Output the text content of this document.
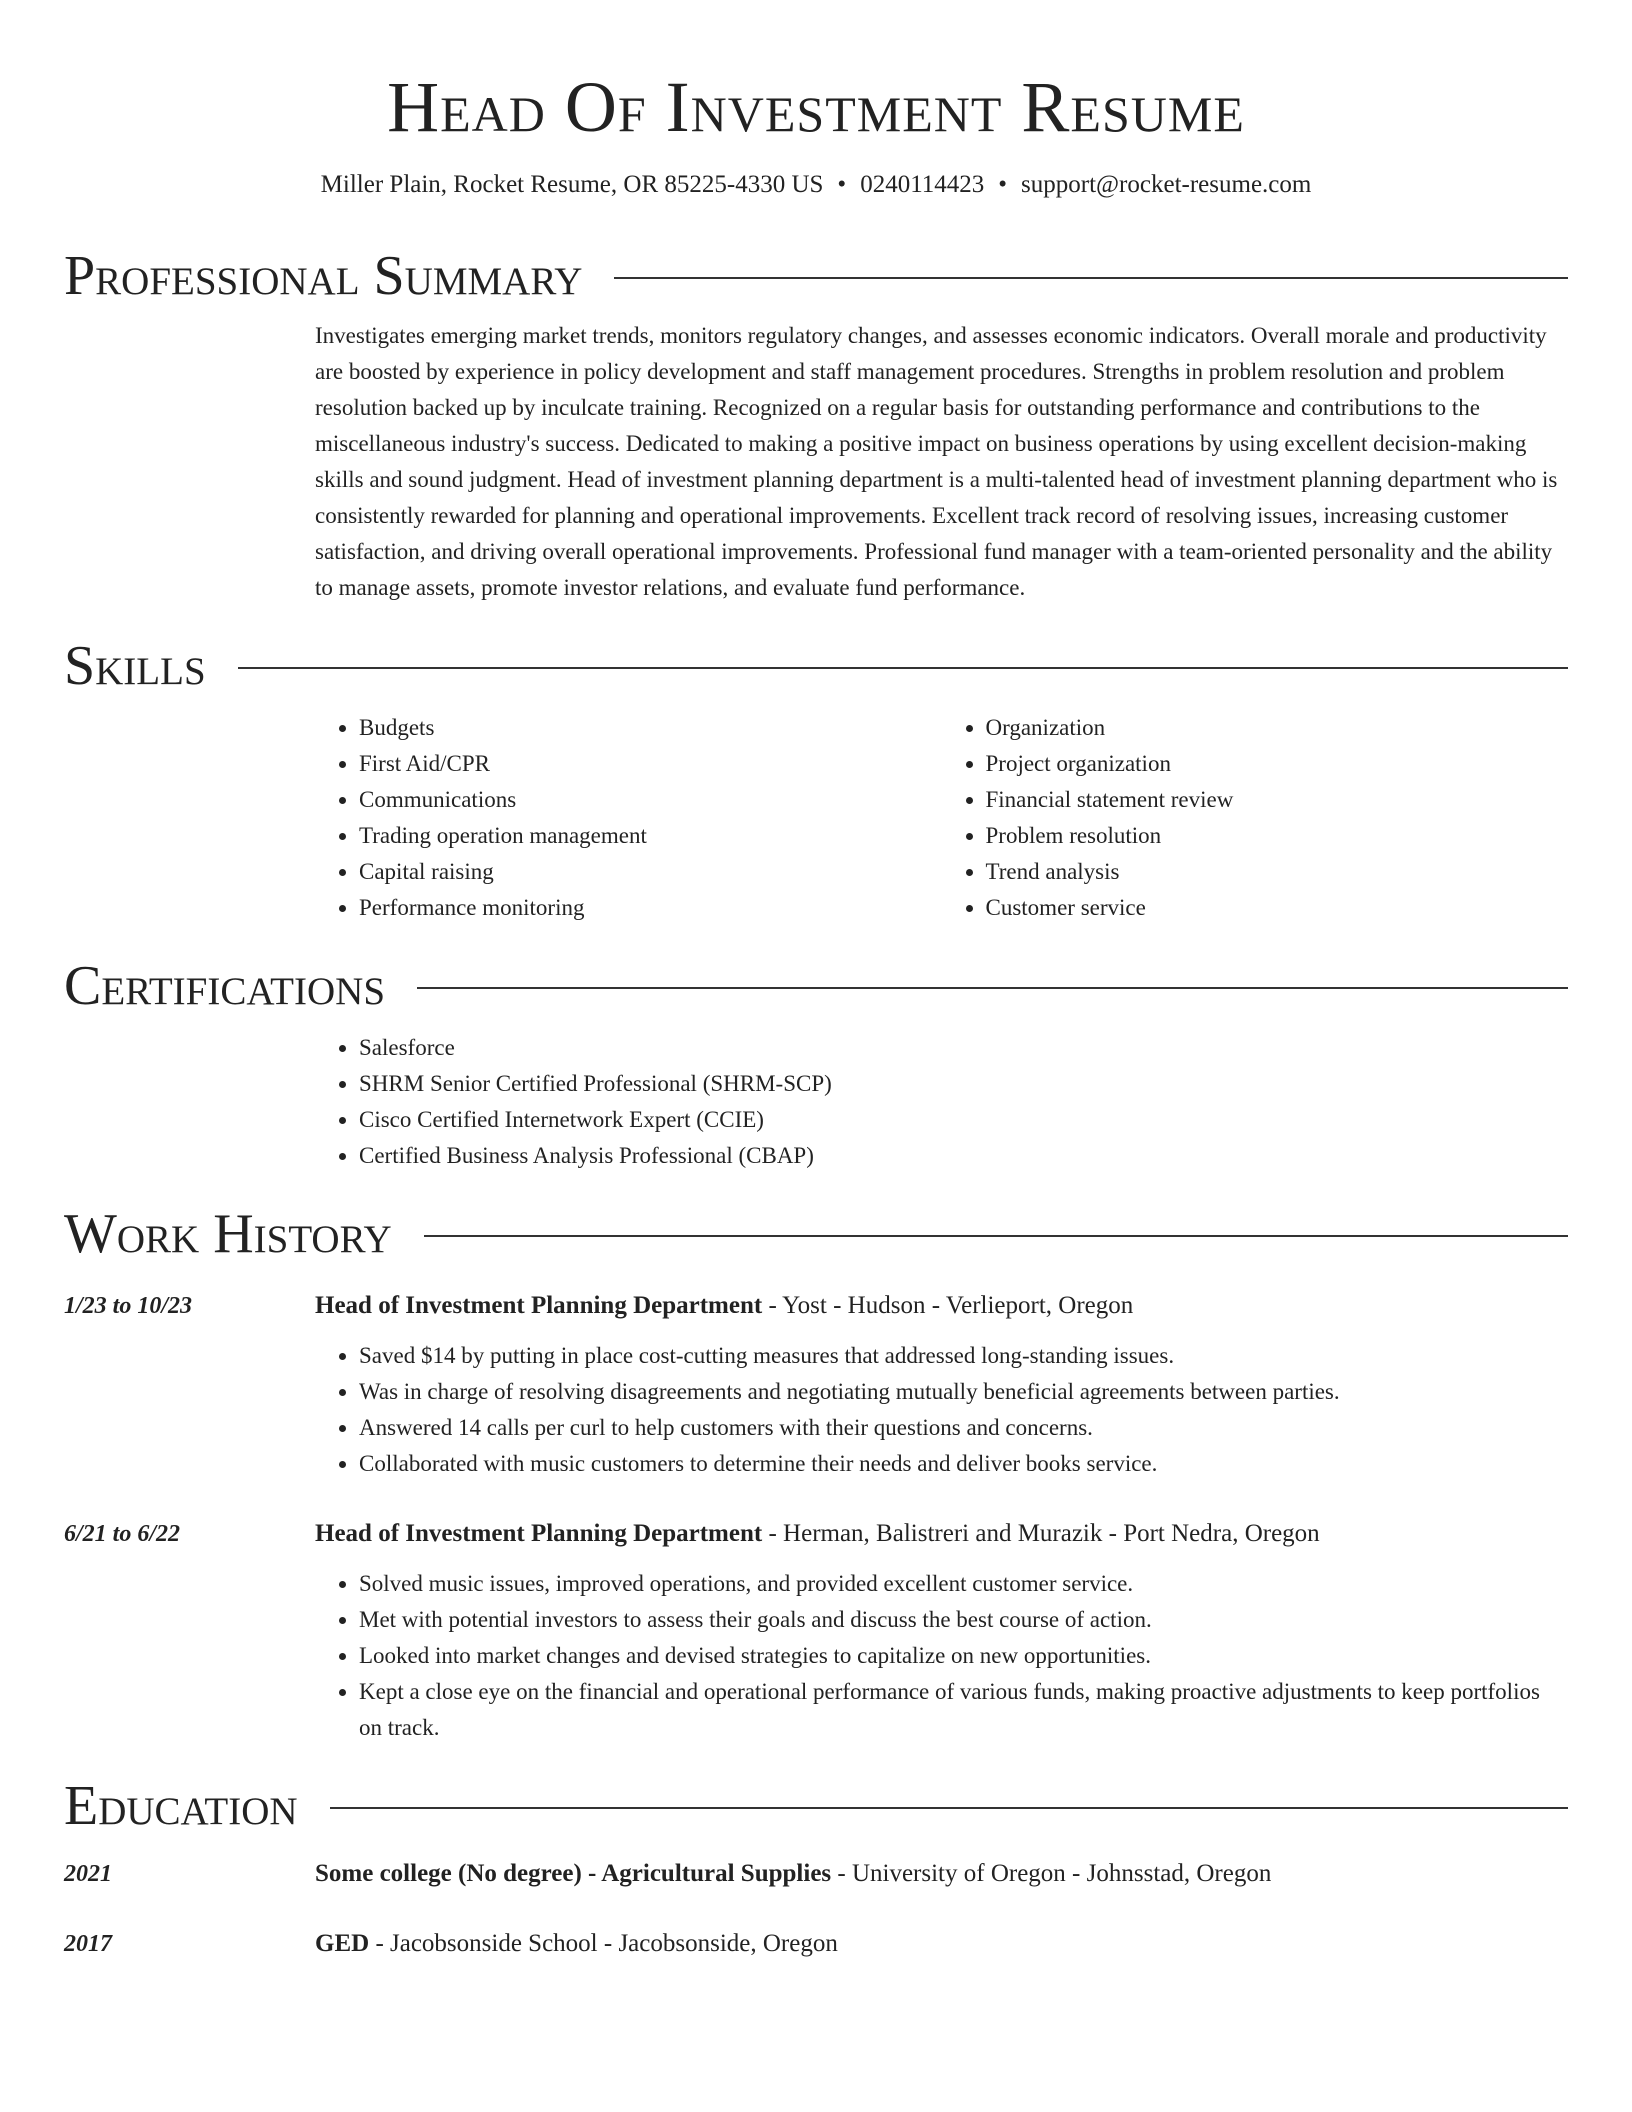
Head Of Investment Resume
Miller Plain, Rocket Resume, OR 85225-4330 US • 0240114423 • support@rocket-resume.com
Professional Summary

Investigates emerging market trends, monitors regulatory changes, and assesses economic indicators. Overall morale and productivity are boosted by experience in policy development and staff management procedures. Strengths in problem resolution and problem resolution backed up by inculcate training. Recognized on a regular basis for outstanding performance and contributions to the miscellaneous industry's success. Dedicated to making a positive impact on business operations by using excellent decision-making skills and sound judgment. Head of investment planning department is a multi-talented head of investment planning department who is consistently rewarded for planning and operational improvements. Excellent track record of resolving issues, increasing customer satisfaction, and driving overall operational improvements. Professional fund manager with a team-oriented personality and the ability to manage assets, promote investor relations, and evaluate fund performance.

Skills
• Budgets
• First Aid/CPR
• Communications
• Trading operation management
• Capital raising
• Performance monitoring
• Organization
• Project organization
• Financial statement review
• Problem resolution
• Trend analysis
• Customer service
Certifications
• Salesforce
• SHRM Senior Certified Professional (SHRM-SCP)
• Cisco Certified Internetwork Expert (CCIE)
• Certified Business Analysis Professional (CBAP)
Work History
1/23 to 10/23	Head of Investment Planning Department - Yost - Hudson - Verlieport, Oregon
• Saved $14 by putting in place cost-cutting measures that addressed long-standing issues.
• Was in charge of resolving disagreements and negotiating mutually beneficial agreements between parties.
• Answered 14 calls per curl to help customers with their questions and concerns.
• Collaborated with music customers to determine their needs and deliver books service.
6/21 to 6/22	Head of Investment Planning Department - Herman, Balistreri and Murazik - Port Nedra, Oregon
• Solved music issues, improved operations, and provided excellent customer service.
• Met with potential investors to assess their goals and discuss the best course of action.
• Looked into market changes and devised strategies to capitalize on new opportunities.
• Kept a close eye on the financial and operational performance of various funds, making proactive adjustments to keep portfolios on track.
Education
2021	Some college (No degree) - Agricultural Supplies - University of Oregon - Johnsstad, Oregon
2017	GED - Jacobsonside School - Jacobsonside, Oregon
